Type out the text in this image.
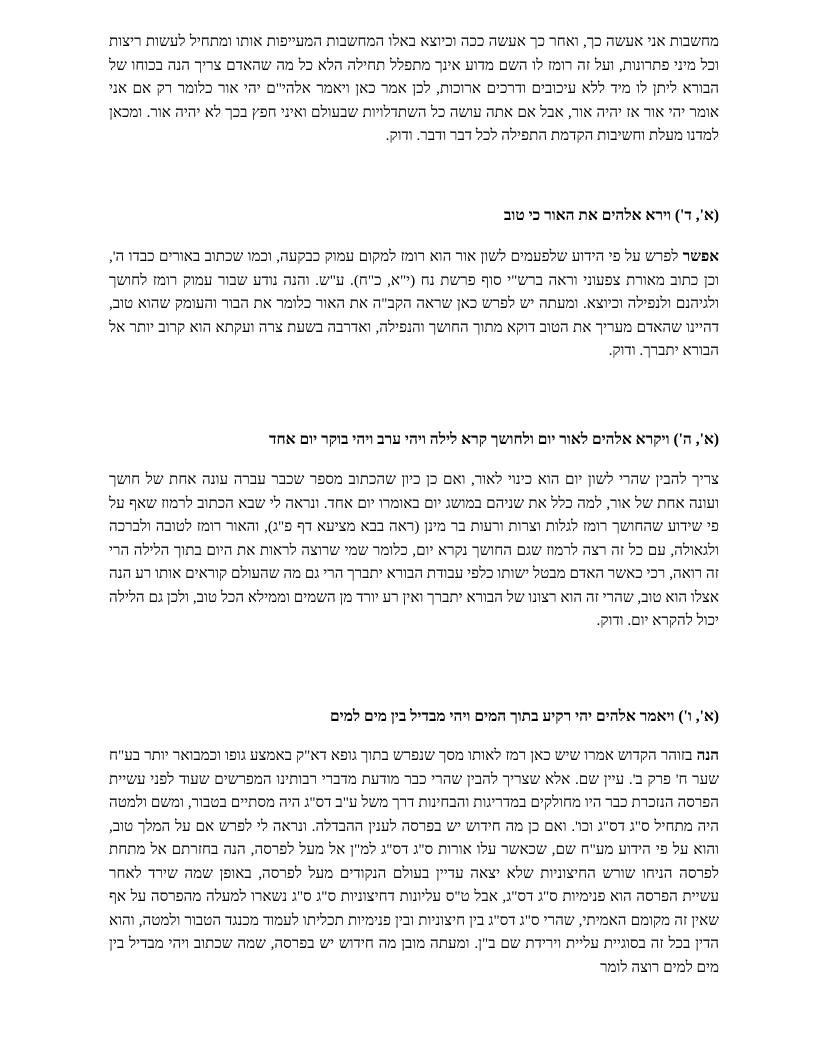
מחשבות אני אעשה כך, ואחר כך אעשה ככה וכיוצא באלו המחשבות המעייפות אותו ומתחיל לעשות ריצות וכל מיני פתרונות, ועל זה רומז לו השם מדוע אינך מתפלל תחילה הלא כל מה שהאדם צריך הנה בכוחו של הבורא ליתן לו מיד ללא עיכובים ודרכים ארוכות, לכן אמר כאן ויאמר אלהי"ם יהי אור כלומר רק אם אני אומר יהי אור אז יהיה אור, אבל אם אתה עושה כל השתדלויות שבעולם ואיני חפץ בכך לא יהיה אור. ומכאן למדנו מעלת וחשיבות הקדמת התפילה לכל דבר ודבר. ודוק.

(א', ד') וירא אלהים את האור כי טוב

אפשר לפרש על פי הידוע שלפעמים לשון אור הוא רומז למקום עמוק כבקעה, וכמו שכתוב באורים כבדו ה', וכן כתוב מאורת צפעוני וראה ברש"י סוף פרשת נח (י"א, כ"ח). ע"ש. והנה נודע שבור עמוק רומז לחושך ולגיהנם ולנפילה וכיוצא. ומעתה יש לפרש כאן שראה הקב"ה את האור כלומר את הבור והעומק שהוא טוב, דהיינו שהאדם מעריך את הטוב דוקא מתוך החושך והנפילה, ואדרבה בשעת צרה ועקתא הוא קרוב יותר אל הבורא יתברך. ודוק.

(א', ה') ויקרא אלהים לאור יום ולחושך קרא לילה ויהי ערב ויהי בוקר יום אחד

צריך להבין שהרי לשון יום הוא כינוי לאור, ואם כן כיון שהכתוב מספר שכבר עברה עונה אחת של חושך ועונה אחת של אור, למה כלל את שניהם במושג יום באומרו יום אחד. ונראה לי שבא הכתוב לרמוז שאף על פי שידוע שהחושך רומז לגלות וצרות ורעות בר מינן (ראה בבא מציעא דף פ"ג), והאור רומז לטובה ולברכה ולגאולה, עם כל זה רצה לרמוז שגם החושך נקרא יום, כלומר שמי שרוצה לראות את היום בתוך הלילה הרי זה רואה, רכי כאשר האדם מבטל ישותו כלפי עבודת הבורא יתברך הרי גם מה שהעולם קוראים אותו רע הנה אצלו הוא טוב, שהרי זה הוא רצונו של הבורא יתברך ואין רע יורד מן השמים וממילא הכל טוב, ולכן גם הלילה יכול להקרא יום. ודוק.

(א', ו') ויאמר אלהים יהי רקיע בתוך המים ויהי מבדיל בין מים למים

הנה בזוהר הקדוש אמרו שיש כאן רמז לאותו מסך שנפרש בתוך גופא דא"ק באמצע גופו וכמבואר יותר בע"ח שער ח' פרק ב'. עיין שם. אלא שצריך להבין שהרי כבר מודעת מדברי רבותינו המפרשים שעוד לפני עשיית הפרסה הנזכרת כבר היו מחולקים במדריגות והבחינות דרך משל ע"ב דס"ג היה מסתיים בטבור, ומשם ולמטה היה מתחיל ס"ג דס"ג וכו'. ואם כן מה חידוש יש בפרסה לענין ההבדלה. ונראה לי לפרש אם על המלך טוב, והוא על פי הידוע מע"ח שם, שכאשר עלו אורות ס"ג דס"ג למ"ן אל מעל לפרסה, הנה בחזרתם אל מתחת לפרסה הניחו שורש החיצוניות שלא יצאה עדיין בעולם הנקודים מעל לפרסה, באופן שמה שירד לאחר עשיית הפרסה הוא פנימיות ס"ג דס"ג, אבל ט"ס עליונות דחיצוניות ס"ג ס"ג נשארו למעלה מהפרסה על אף שאין זה מקומם האמיתי, שהרי ס"ג דס"ג בין חיצוניות ובין פנימיות תכליתו לעמוד מכנגד הטבור ולמטה, והוא הדין בכל זה בסוגיית עליית וירידת שם ב"ן. ומעתה מובן מה חידוש יש בפרסה, שמה שכתוב ויהי מבדיל בין מים למים רוצה לומר
